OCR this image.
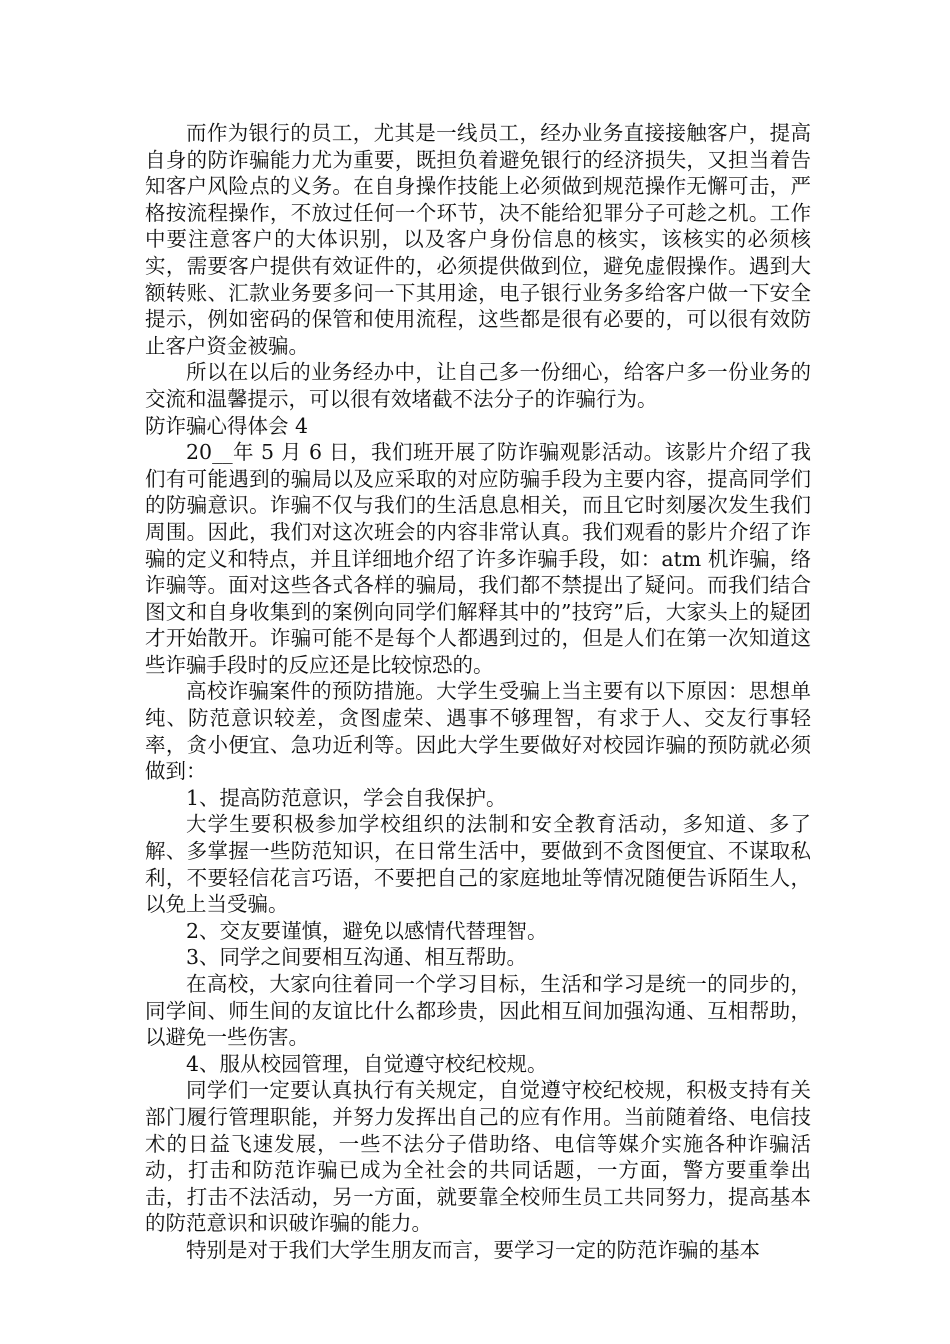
而作为银行的员工，尤其是一线员工，经办业务直接接触客户，提高自身的防诈骗能力尤为重要，既担负着避免银行的经济损失，又担当着告知客户风险点的义务。在自身操作技能上必须做到规范操作无懈可击，严格按流程操作，不放过任何一个环节，决不能给犯罪分子可趁之机。工作中要注意客户的大体识别，以及客户身份信息的核实，该核实的必须核实，需要客户提供有效证件的，必须提供做到位，避免虚假操作。遇到大额转账、汇款业务要多问一下其用途，电子银行业务多给客户做一下安全提示，例如密码的保管和使用流程，这些都是很有必要的，可以很有效防止客户资金被骗。

所以在以后的业务经办中，让自己多一份细心，给客户多一份业务的交流和温馨提示，可以很有效堵截不法分子的诈骗行为。

防诈骗心得体会 4

20__年 5 月 6 日，我们班开展了防诈骗观影活动。该影片介绍了我们有可能遇到的骗局以及应采取的对应防骗手段为主要内容，提高同学们的防骗意识。诈骗不仅与我们的生活息息相关，而且它时刻屡次发生我们周围。因此，我们对这次班会的内容非常认真。我们观看的影片介绍了诈骗的定义和特点，并且详细地介绍了许多诈骗手段，如：atm 机诈骗，络诈骗等。面对这些各式各样的骗局，我们都不禁提出了疑问。而我们结合图文和自身收集到的案例向同学们解释其中的”技窍”后，大家头上的疑团才开始散开。诈骗可能不是每个人都遇到过的，但是人们在第一次知道这些诈骗手段时的反应还是比较惊恐的。

高校诈骗案件的预防措施。大学生受骗上当主要有以下原因：思想单纯、防范意识较差，贪图虚荣、遇事不够理智，有求于人、交友行事轻率，贪小便宜、急功近利等。因此大学生要做好对校园诈骗的预防就必须做到：

1、提高防范意识，学会自我保护。

大学生要积极参加学校组织的法制和安全教育活动，多知道、多了解、多掌握一些防范知识，在日常生活中，要做到不贪图便宜、不谋取私利，不要轻信花言巧语，不要把自己的家庭地址等情况随便告诉陌生人，以免上当受骗。

2、交友要谨慎，避免以感情代替理智。

3、同学之间要相互沟通、相互帮助。

在高校，大家向往着同一个学习目标，生活和学习是统一的同步的，同学间、师生间的友谊比什么都珍贵，因此相互间加强沟通、互相帮助，以避免一些伤害。

4、服从校园管理，自觉遵守校纪校规。

同学们一定要认真执行有关规定，自觉遵守校纪校规，积极支持有关部门履行管理职能，并努力发挥出自己的应有作用。当前随着络、电信技术的日益飞速发展，一些不法分子借助络、电信等媒介实施各种诈骗活动，打击和防范诈骗已成为全社会的共同话题，一方面，警方要重拳出击，打击不法活动，另一方面，就要靠全校师生员工共同努力，提高基本的防范意识和识破诈骗的能力。

特别是对于我们大学生朋友而言，要学习一定的防范诈骗的基本
